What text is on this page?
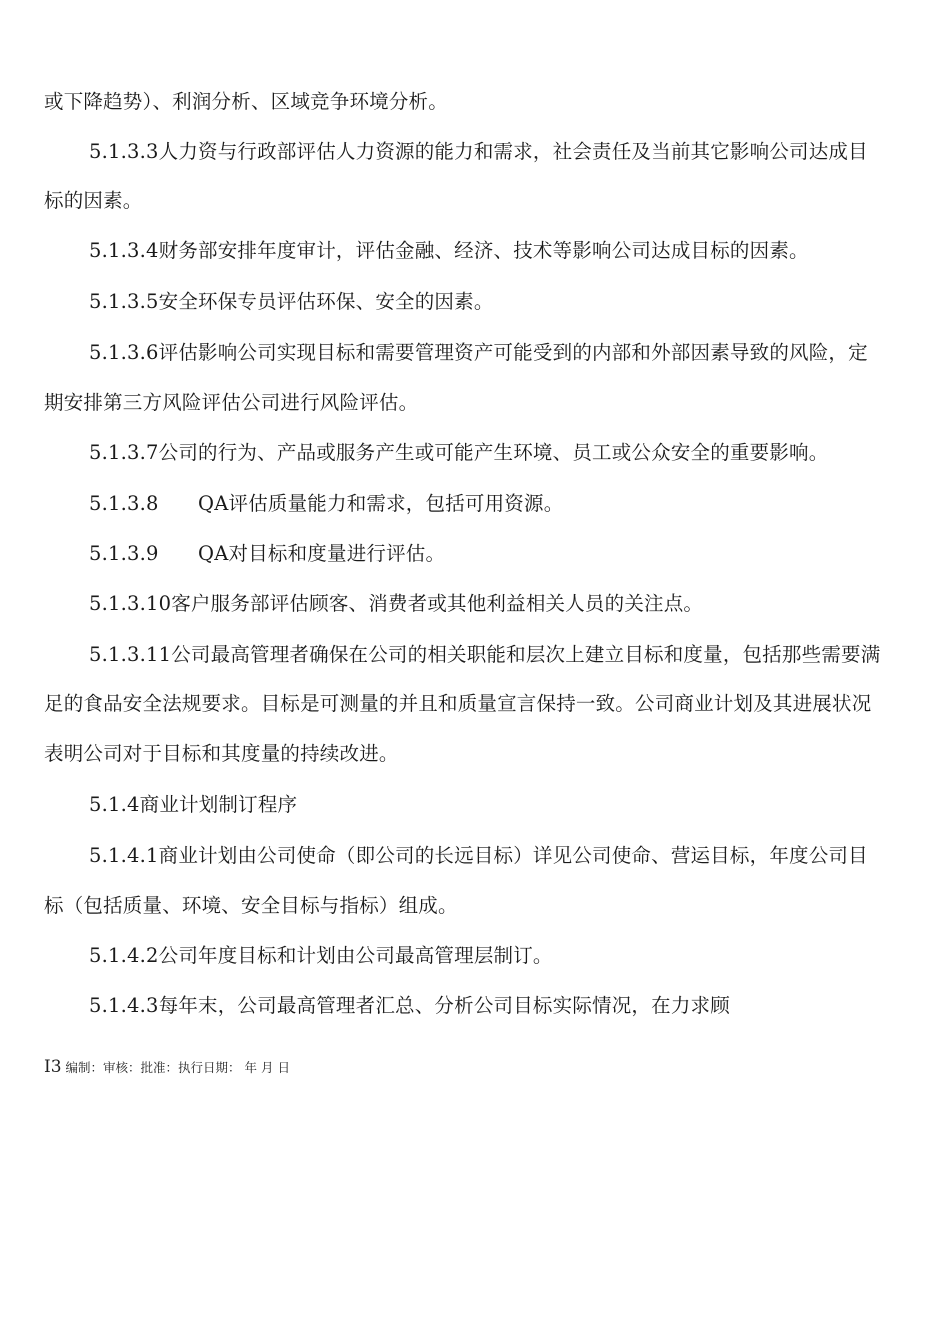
或下降趋势）、利润分析、区域竞争环境分析。
5.1.3.3人力资与行政部评估人力资源的能力和需求，社会责任及当前其它影响公司达成目
标的因素。
5.1.3.4财务部安排年度审计，评估金融、经济、技术等影响公司达成目标的因素。
5.1.3.5安全环保专员评估环保、安全的因素。
5.1.3.6评估影响公司实现目标和需要管理资产可能受到的内部和外部因素导致的风险，定
期安排第三方风险评估公司进行风险评估。
5.1.3.7公司的行为、产品或服务产生或可能产生环境、员工或公众安全的重要影响。
5.1.3.8　　QA评估质量能力和需求，包括可用资源。
5.1.3.9　　QA对目标和度量进行评估。
5.1.3.10客户服务部评估顾客、消费者或其他利益相关人员的关注点。
5.1.3.11公司最高管理者确保在公司的相关职能和层次上建立目标和度量，包括那些需要满
足的食品安全法规要求。目标是可测量的并且和质量宣言保持一致。公司商业计划及其进展状况
表明公司对于目标和其度量的持续改进。
5.1.4商业计划制订程序
5.1.4.1商业计划由公司使命（即公司的长远目标）详见公司使命、营运目标，年度公司目
标（包括质量、环境、安全目标与指标）组成。
5.1.4.2公司年度目标和计划由公司最高管理层制订。
5.1.4.3每年末，公司最高管理者汇总、分析公司目标实际情况，在力求顾
I3 编制：审核：批准：执行日期： 年 月 日
